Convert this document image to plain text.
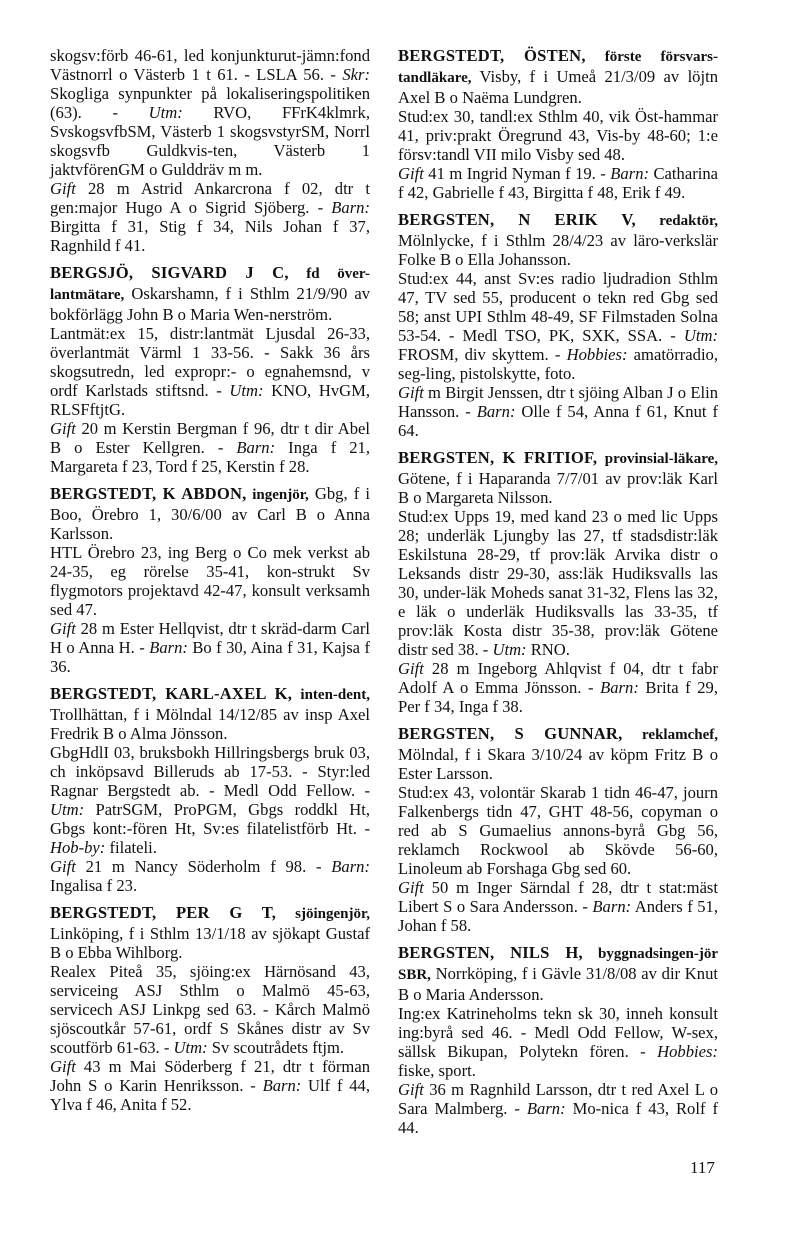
skogsv:förb 46-61, led konjunkturut-jämn:fond Västnorrl o Västerb 1 t 61. - LSLA 56. - Skr: Skogliga synpunkter på lokaliseringspolitiken (63). - Utm: RVO, FFrK4klmrk, SvskogsvfbSM, Västerb 1 skogsvstyrSM, Norrl skogsvfb Guldkvis-ten, Västerb 1 jaktvförenGM o Gulddräv m m.

Gift 28 m Astrid Ankarcrona f 02, dtr t gen:major Hugo A o Sigrid Sjöberg. - Barn: Birgitta f 31, Stig f 34, Nils Johan f 37, Ragnhild f 41.

BERGSJÖ, SIGVARD J C, fd över-lantmätare, Oskarshamn, f i Sthlm 21/9/90 av bokförlägg John B o Maria Wen-nerström.

Lantmät:ex 15, distr:lantmät Ljusdal 26-33, överlantmät Värml 1 33-56. - Sakk 36 års skogsutredn, led expropr:- o egnahemsnd, v ordf Karlstads stiftsnd. - Utm: KNO, HvGM, RLSFftjtG.

Gift 20 m Kerstin Bergman f 96, dtr t dir Abel B o Ester Kellgren. - Barn: Inga f 21, Margareta f 23, Tord f 25, Kerstin f 28.

BERGSTEDT, K ABDON, ingenjör, Gbg, f i Boo, Örebro 1, 30/6/00 av Carl B o Anna Karlsson.

HTL Örebro 23, ing Berg o Co mek verkst ab 24-35, eg rörelse 35-41, kon-strukt Sv flygmotors projektavd 42-47, konsult verksamh sed 47.

Gift 28 m Ester Hellqvist, dtr t skräd-darm Carl H o Anna H. - Barn: Bo f 30, Aina f 31, Kajsa f 36.

BERGSTEDT, KARL-AXEL K, inten-dent, Trollhättan, f i Mölndal 14/12/85 av insp Axel Fredrik B o Alma Jönsson.

GbgHdlI 03, bruksbokh Hillringsbergs bruk 03, ch inköpsavd Billeruds ab 17-53. - Styr:led Ragnar Bergstedt ab. - Medl Odd Fellow. - Utm: PatrSGM, ProPGM, Gbgs roddkl Ht, Gbgs kont:-fören Ht, Sv:es filatelistförb Ht. - Hob-by: filateli.

Gift 21 m Nancy Söderholm f 98. - Barn: Ingalisa f 23.

BERGSTEDT, PER G T, sjöingenjör, Linköping, f i Sthlm 13/1/18 av sjökapt Gustaf B o Ebba Wihlborg.

Realex Piteå 35, sjöing:ex Härnösand 43, serviceing ASJ Sthlm o Malmö 45-63, servicech ASJ Linkpg sed 63. - Kårch Malmö sjöscoutkår 57-61, ordf S Skånes distr av Sv scoutförb 61-63. - Utm: Sv scoutrådets ftjm.

Gift 43 m Mai Söderberg f 21, dtr t förman John S o Karin Henriksson. - Barn: Ulf f 44, Ylva f 46, Anita f 52.

BERGSTEDT, ÖSTEN, förste försvars-tandläkare, Visby, f i Umeå 21/3/09 av löjtn Axel B o Naëma Lundgren.

Stud:ex 30, tandl:ex Sthlm 40, vik Öst-hammar 41, priv:prakt Öregrund 43, Vis-by 48-60; 1:e försv:tandl VII milo Visby sed 48.

Gift 41 m Ingrid Nyman f 19. - Barn: Catharina f 42, Gabrielle f 43, Birgitta f 48, Erik f 49.

BERGSTEN, N ERIK V, redaktör, Mölnlycke, f i Sthlm 28/4/23 av läro-verkslär Folke B o Ella Johansson.

Stud:ex 44, anst Sv:es radio ljudradion Sthlm 47, TV sed 55, producent o tekn red Gbg sed 58; anst UPI Sthlm 48-49, SF Filmstaden Solna 53-54. - Medl TSO, PK, SXK, SSA. - Utm: FROSM, div skyttem. - Hobbies: amatörradio, seg-ling, pistolskytte, foto.

Gift m Birgit Jenssen, dtr t sjöing Alban J o Elin Hansson. - Barn: Olle f 54, Anna f 61, Knut f 64.

BERGSTEN, K FRITIOF, provinsial-läkare, Götene, f i Haparanda 7/7/01 av prov:läk Karl B o Margareta Nilsson.

Stud:ex Upps 19, med kand 23 o med lic Upps 28; underläk Ljungby las 27, tf stadsdistr:läk Eskilstuna 28-29, tf prov:läk Arvika distr o Leksands distr 29-30, ass:läk Hudiksvalls las 30, under-läk Moheds sanat 31-32, Flens las 32, e läk o underläk Hudiksvalls las 33-35, tf prov:läk Kosta distr 35-38, prov:läk Götene distr sed 38. - Utm: RNO.

Gift 28 m Ingeborg Ahlqvist f 04, dtr t fabr Adolf A o Emma Jönsson. - Barn: Brita f 29, Per f 34, Inga f 38.

BERGSTEN, S GUNNAR, reklamchef, Mölndal, f i Skara 3/10/24 av köpm Fritz B o Ester Larsson.

Stud:ex 43, volontär Skarab 1 tidn 46-47, journ Falkenbergs tidn 47, GHT 48-56, copyman o red ab S Gumaelius annons-byrå Gbg 56, reklamch Rockwool ab Skövde 56-60, Linoleum ab Forshaga Gbg sed 60.

Gift 50 m Inger Särndal f 28, dtr t stat:mäst Libert S o Sara Andersson. - Barn: Anders f 51, Johan f 58.

BERGSTEN, NILS H, byggnadsingen-jör SBR, Norrköping, f i Gävle 31/8/08 av dir Knut B o Maria Andersson.

Ing:ex Katrineholms tekn sk 30, inneh konsult ing:byrå sed 46. - Medl Odd Fellow, W-sex, sällsk Bikupan, Polytekn fören. - Hobbies: fiske, sport.

Gift 36 m Ragnhild Larsson, dtr t red Axel L o Sara Malmberg. - Barn: Mo-nica f 43, Rolf f 44.

117
